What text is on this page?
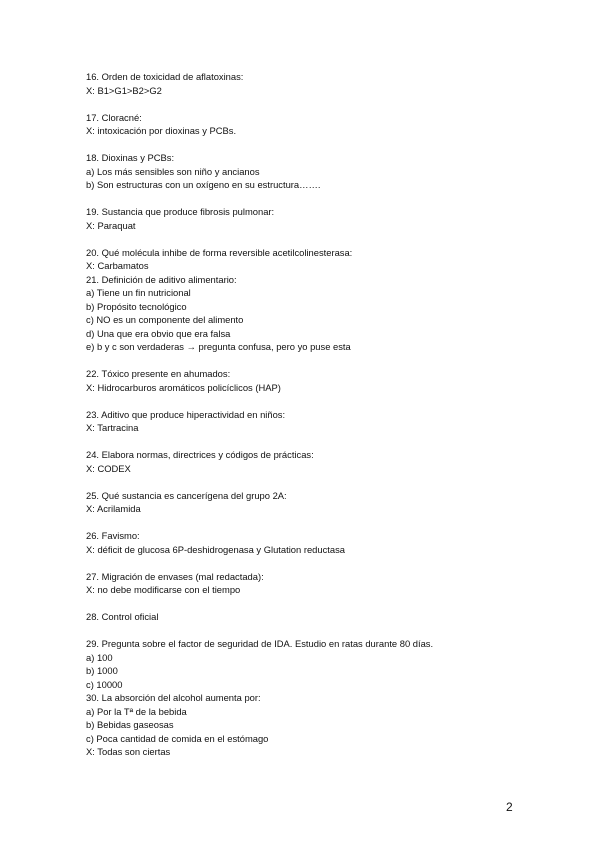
16. Orden de toxicidad de aflatoxinas:
X: B1>G1>B2>G2
17. Cloracné:
X: intoxicación por dioxinas y PCBs.
18. Dioxinas y PCBs:
a) Los más sensibles son niño y ancianos
b) Son estructuras con un oxígeno en su estructura…….
19. Sustancia que produce fibrosis pulmonar:
X: Paraquat
20. Qué molécula inhibe de forma reversible acetilcolinesterasa:
X: Carbamatos
21. Definición de aditivo alimentario:
a) Tiene un fin nutricional
b) Propósito tecnológico
c) NO es un componente del alimento
d) Una que era obvio que era falsa
e) b y c son verdaderas → pregunta confusa, pero yo puse esta
22. Tóxico presente en ahumados:
X: Hidrocarburos aromáticos policíclicos (HAP)
23. Aditivo que produce hiperactividad en niños:
X: Tartracina
24. Elabora normas, directrices y códigos de prácticas:
X: CODEX
25. Qué sustancia es cancerígena del grupo 2A:
X: Acrilamida
26. Favismo:
X: déficit de glucosa 6P-deshidrogenasa y Glutation reductasa
27. Migración de envases (mal redactada):
X: no debe modificarse con el tiempo
28. Control oficial
29. Pregunta sobre el factor de seguridad de IDA. Estudio en ratas durante 80 días.
a) 100
b) 1000
c) 10000
30. La absorción del alcohol aumenta por:
a) Por la Tª de la bebida
b) Bebidas gaseosas
c) Poca cantidad de comida en el estómago
X: Todas son ciertas
2
